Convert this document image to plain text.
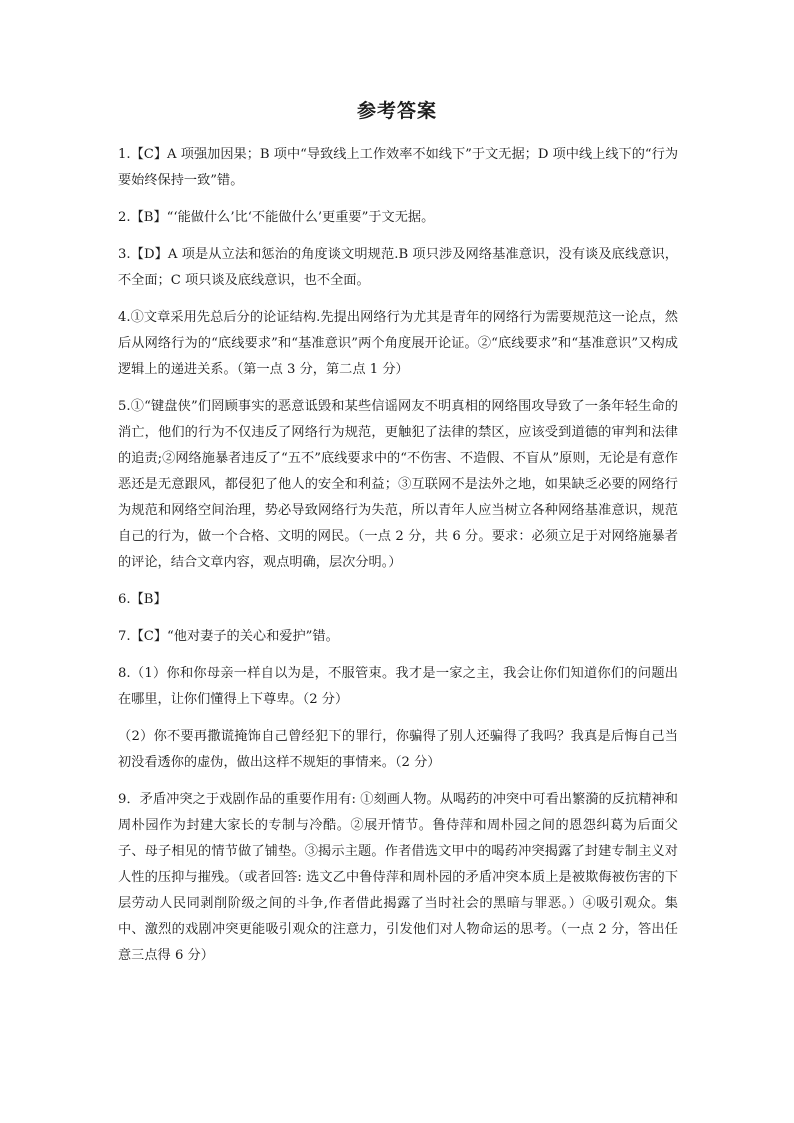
参考答案

1.【C】A 项强加因果；B 项中“导致线上工作效率不如线下”于文无据；D 项中线上线下的“行为要始终保持一致”错。

2.【B】“‘能做什么’比‘不能做什么’更重要”于文无据。

3.【D】A 项是从立法和惩治的角度谈文明规范.B 项只涉及网络基准意识，没有谈及底线意识，不全面；C 项只谈及底线意识，也不全面。

4.①文章采用先总后分的论证结构.先提出网络行为尤其是青年的网络行为需要规范这一论点，然后从网络行为的“底线要求”和“基准意识”两个角度展开论证。②“底线要求”和“基准意识”又构成逻辑上的递进关系。（第一点 3 分，第二点 1 分）

5.①“键盘侠”们罔顾事实的恶意诋毁和某些信谣网友不明真相的网络围攻导致了一条年轻生命的消亡，他们的行为不仅违反了网络行为规范，更触犯了法律的禁区，应该受到道德的审判和法律的追责;②网络施暴者违反了“五不”底线要求中的“不伤害、不造假、不盲从”原则，无论是有意作恶还是无意跟风，都侵犯了他人的安全和利益；③互联网不是法外之地，如果缺乏必要的网络行为规范和网络空间治理，势必导致网络行为失范，所以青年人应当树立各种网络基准意识，规范自己的行为，做一个合格、文明的网民。（一点 2 分，共 6 分。要求：必须立足于对网络施暴者的评论，结合文章内容，观点明确，层次分明。）

6.【B】

7.【C】“他对妻子的关心和爱护”错。

8.（1）你和你母亲一样自以为是，不服管束。我才是一家之主，我会让你们知道你们的问题出在哪里，让你们懂得上下尊卑。（2 分）

（2）你不要再撒谎掩饰自己曾经犯下的罪行，你骗得了别人还骗得了我吗？我真是后悔自己当初没看透你的虚伪，做出这样不规矩的事情来。（2 分）

9．矛盾冲突之于戏剧作品的重要作用有: ①刻画人物。从喝药的冲突中可看出繁漪的反抗精神和周朴园作为封建大家长的专制与冷酷。②展开情节。鲁侍萍和周朴园之间的恩怨纠葛为后面父子、母子相见的情节做了铺垫。③揭示主题。作者借选文甲中的喝药冲突揭露了封建专制主义对人性的压抑与摧残。（或者回答: 选文乙中鲁侍萍和周朴园的矛盾冲突本质上是被欺侮被伤害的下层劳动人民同剥削阶级之间的斗争,作者借此揭露了当时社会的黑暗与罪恶。）④吸引观众。集中、激烈的戏剧冲突更能吸引观众的注意力，引发他们对人物命运的思考。（一点 2 分，答出任意三点得 6 分）
